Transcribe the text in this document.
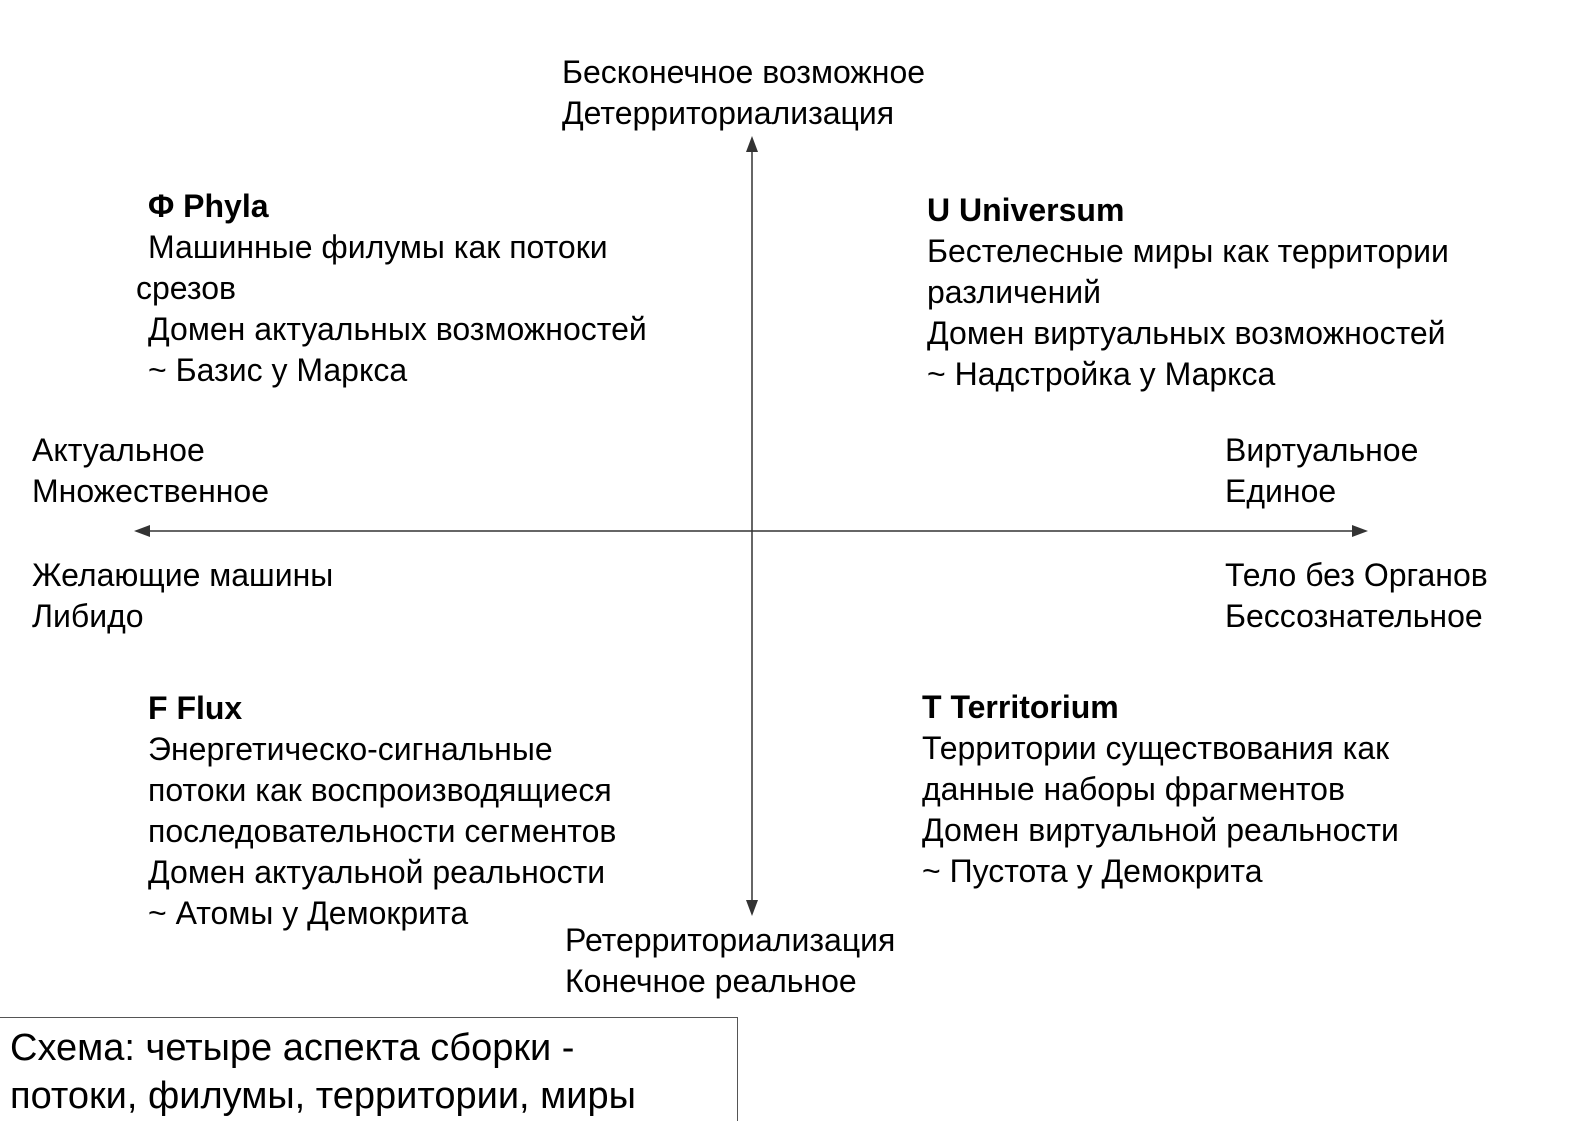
Бесконечное возможное
Детерриториализация
Ретерриториализация
Конечное реальное
Актуальное
Множественное
Желающие машины
Либидо
Виртуальное
Единое
Тело без Органов
Бессознательное
Φ Phyla
Машинные филумы как потоки
срезов
Домен актуальных возможностей
~ Базис у Маркса
U Universum
Бестелесные миры как территории
различений
Домен виртуальных возможностей
~ Надстройка у Маркса
F Flux
Энергетическо-сигнальные
потоки как воспроизводящиеся
последовательности сегментов
Домен актуальной реальности
~ Атомы у Демокрита
T Territorium
Территории существования как
данные наборы фрагментов
Домен виртуальной реальности
~ Пустота у Демокрита
Схема: четыре аспекта сборки -
потоки, филумы, территории, миры
